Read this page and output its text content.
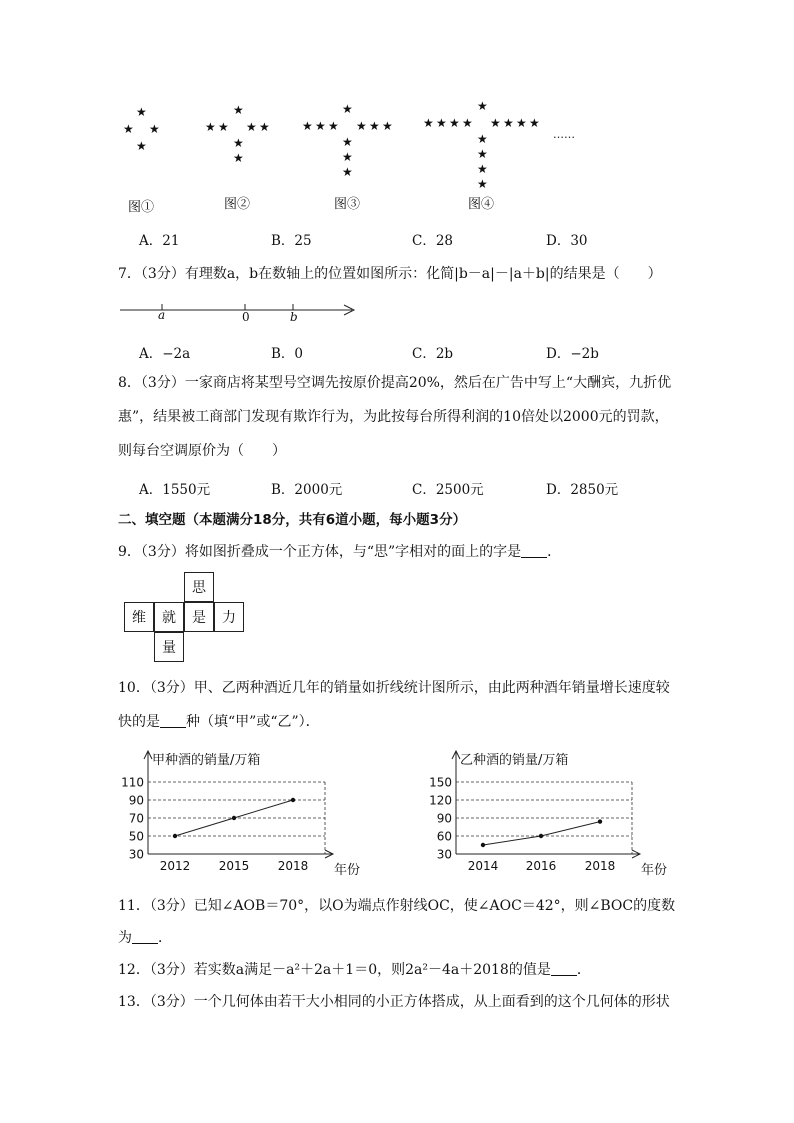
★
★ ★
★
★
★ ★ ★ ★
★
★
★
★ ★ ★ ★ ★ ★
★
★
★
★
★ ★ ★ ★ ★ ★ ★ ★
★
★
★
★
……
图①	图②	图③	图④
A．21	B．25	C．28	D．30
7．（3分）有理数a，b在数轴上的位置如图所示：化简|b－a|－|a＋b|的结果是（　　）
a	0	b
A．−2a	B．0	C．2b	D．−2b
8．（3分）一家商店将某型号空调先按原价提高20%，然后在广告中写上“大酬宾，九折优
惠”，结果被工商部门发现有欺诈行为，为此按每台所得利润的10倍处以2000元的罚款，
则每台空调原价为（　　）
A．1550元	B．2000元	C．2500元	D．2850元
二、填空题（本题满分18分，共有6道小题，每小题3分）
9．（3分）将如图折叠成一个正方体，与“思”字相对的面上的字是 ．
思
维	就	是	力
量
10．（3分）甲、乙两种酒近几年的销量如折线统计图所示，由此两种酒年销量增长速度较
快的是 种（填“甲”或“乙”）．
甲种酒的销量/万箱
30
50
70
90
110
2012 2015 2018 年份
乙种酒的销量/万箱
30
60
90
120
150
2014 2016 2018 年份
11．（3分）已知∠AOB＝70°，以O为端点作射线OC，使∠AOC＝42°，则∠BOC的度数
为 ．
12．（3分）若实数a满足－a²＋2a＋1＝0，则2a²－4a＋2018的值是 ．
13．（3分）一个几何体由若干大小相同的小正方体搭成，从上面看到的这个几何体的形状
